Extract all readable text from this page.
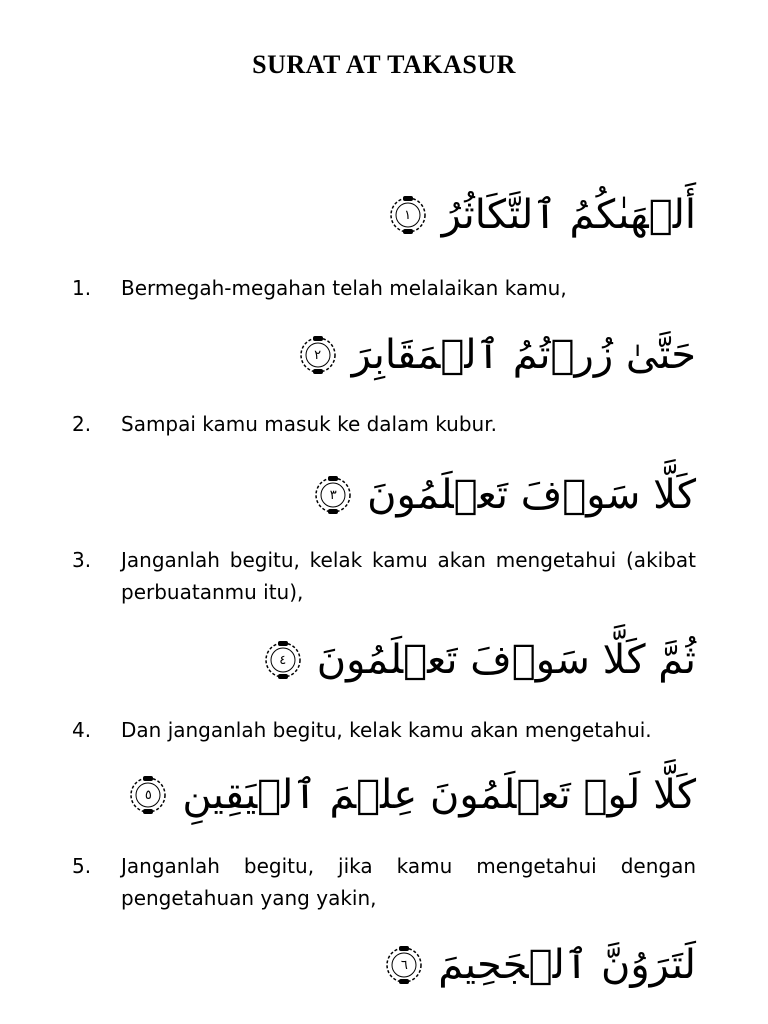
SURAT AT TAKASUR
أَلۡهَىٰكُمُ ٱلتَّكَاثُرُ
١
1. Bermegah-megahan telah melalaikan kamu,
حَتَّىٰ زُرۡتُمُ ٱلۡمَقَابِرَ
٢
2. Sampai kamu masuk ke dalam kubur.
كَلَّا سَوۡفَ تَعۡلَمُونَ
٣
3. Janganlah begitu, kelak kamu akan mengetahui (akibat perbuatanmu itu),
ثُمَّ كَلَّا سَوۡفَ تَعۡلَمُونَ
٤
4. Dan janganlah begitu, kelak kamu akan mengetahui.
كَلَّا لَوۡ تَعۡلَمُونَ عِلۡمَ ٱلۡيَقِينِ
٥
5. Janganlah begitu, jika kamu mengetahui dengan pengetahuan yang yakin,
لَتَرَوُنَّ ٱلۡجَحِيمَ
٦
